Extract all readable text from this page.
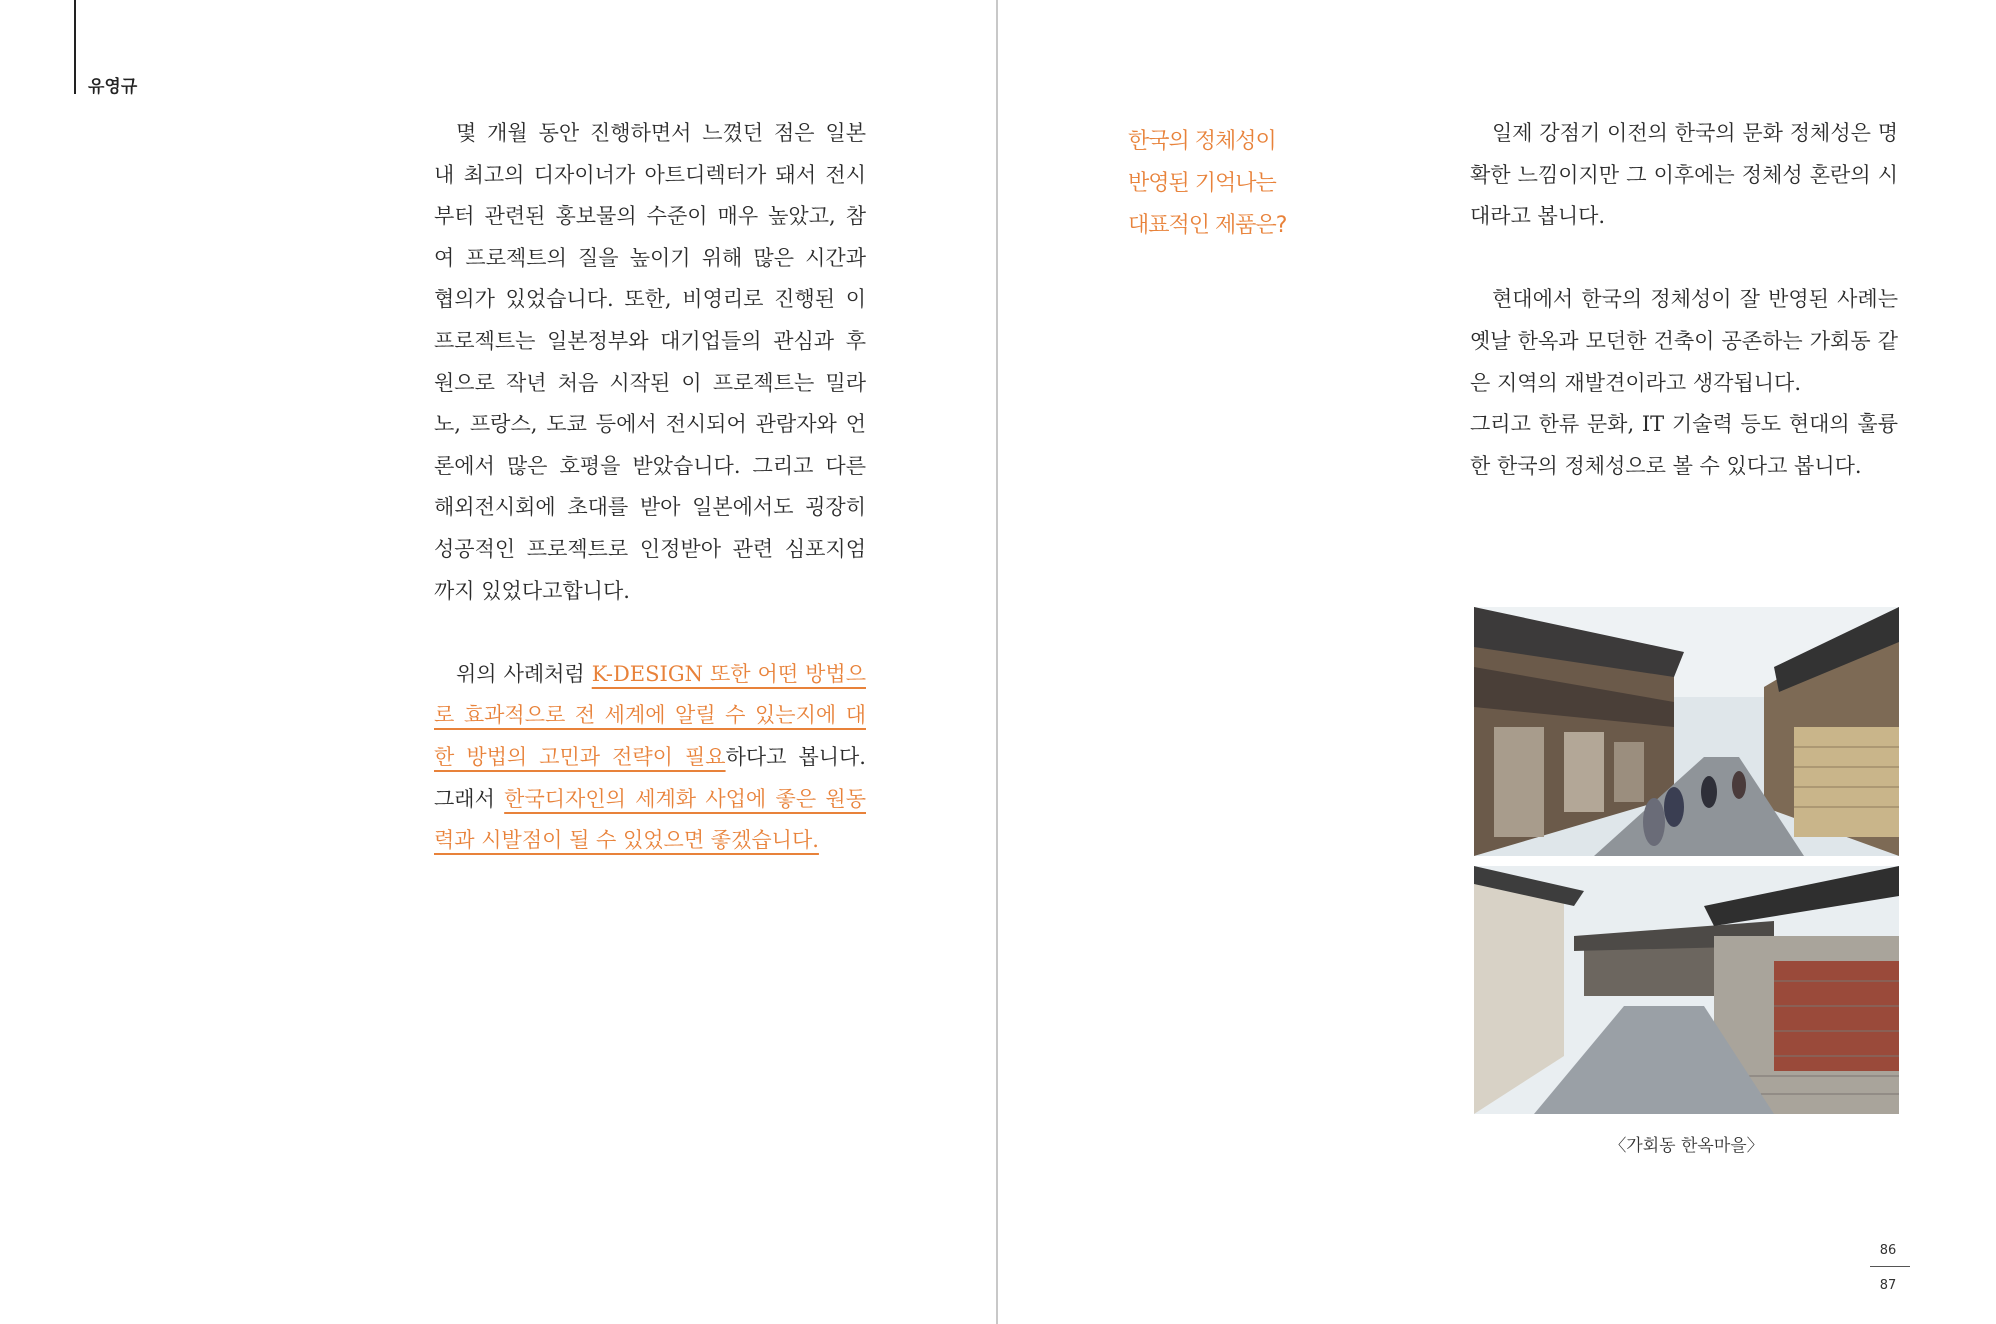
유영규

몇 개월 동안 진행하면서 느꼈던 점은 일본 내 최고의 디자이너가 아트디렉터가 돼서 전시부터 관련된 홍보물의 수준이 매우 높았고, 참여 프로젝트의 질을 높이기 위해 많은 시간과 협의가 있었습니다. 또한, 비영리로 진행된 이 프로젝트는 일본정부와 대기업들의 관심과 후원으로 작년 처음 시작된 이 프로젝트는 밀라노, 프랑스, 도쿄 등에서 전시되어 관람자와 언론에서 많은 호평을 받았습니다. 그리고 다른 해외전시회에 초대를 받아 일본에서도 굉장히 성공적인 프로젝트로 인정받아 관련 심포지엄까지 있었다고합니다.

위의 사례처럼 K-DESIGN 또한 어떤 방법으로 효과적으로 전 세계에 알릴 수 있는지에 대한 방법의 고민과 전략이 필요하다고 봅니다. 그래서 한국디자인의 세계화 사업에 좋은 원동력과 시발점이 될 수 있었으면 좋겠습니다.

한국의 정체성이
반영된 기억나는
대표적인 제품은?

일제 강점기 이전의 한국의 문화 정체성은 명확한 느낌이지만 그 이후에는 정체성 혼란의 시대라고 봅니다.

현대에서 한국의 정체성이 잘 반영된 사례는 옛날 한옥과 모던한 건축이 공존하는 가회동 같은 지역의 재발견이라고 생각됩니다.

그리고 한류 문화, IT 기술력 등도 현대의 훌륭한 한국의 정체성으로 볼 수 있다고 봅니다.

〈가회동 한옥마을〉
86
87
